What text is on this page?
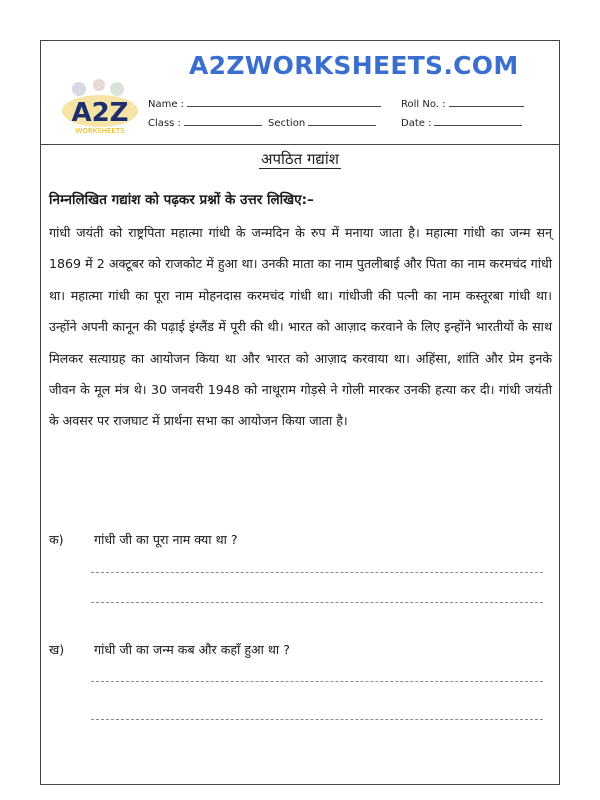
A2Z
WORKSHEETS
A2ZWORKSHEETS.COM
Name :	Roll No. :
Class :	Section	Date :
अपठित गद्यांश
निम्नलिखित गद्यांश को पढ़कर प्रश्नों के उत्तर लिखिए:–

गांधी जयंती को राष्ट्रपिता महात्मा गांधी के जन्मदिन के रुप में मनाया जाता है। महात्मा गांधी का जन्म सन् 1869 में 2 अक्टूबर को राजकोट में हुआ था। उनकी माता का नाम पुतलीबाई और पिता का नाम करमचंद गांधी था। महात्मा गांधी का पूरा नाम मोहनदास करमचंद गांधी था। गांधीजी की पत्नी का नाम कस्तूरबा गांधी था। उन्होंने अपनी कानून की पढ़ाई इंग्लैंड में पूरी की थी। भारत को आज़ाद करवाने के लिए इन्होंने भारतीयों के साथ मिलकर सत्याग्रह का आयोजन किया था और भारत को आज़ाद करवाया था। अहिंसा, शांति और प्रेम इनके जीवन के मूल मंत्र थे। 30 जनवरी 1948 को नाथूराम गोड़से ने गोली मारकर उनकी हत्या कर दी। गांधी जयंती के अवसर पर राजघाट में प्रार्थना सभा का आयोजन किया जाता है।

क) गांधी जी का पूरा नाम क्या था ?
ख) गांधी जी का जन्म कब और कहाँ हुआ था ?
